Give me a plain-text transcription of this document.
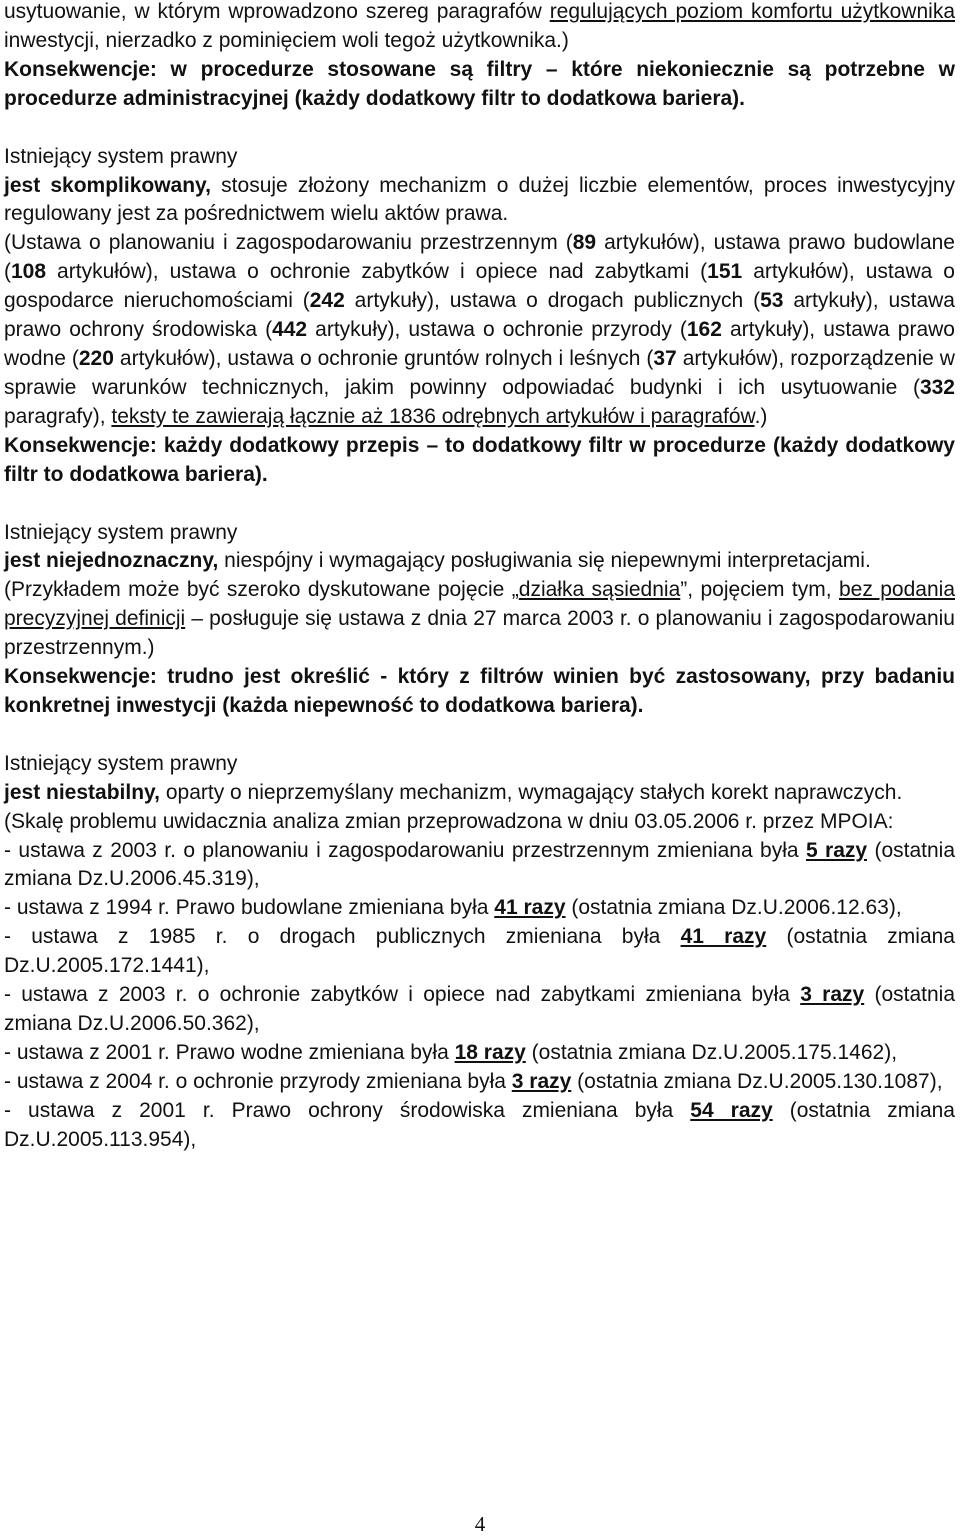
usytuowanie, w którym wprowadzono szereg paragrafów regulujących poziom komfortu użytkownika inwestycji, nierzadko z pominięciem woli tegoż użytkownika.)

Konsekwencje: w procedurze stosowane są filtry – które niekoniecznie są potrzebne w procedurze administracyjnej (każdy dodatkowy filtr to dodatkowa bariera).

Istniejący system prawny

jest skomplikowany, stosuje złożony mechanizm o dużej liczbie elementów, proces inwestycyjny regulowany jest za pośrednictwem wielu aktów prawa.

(Ustawa o planowaniu i zagospodarowaniu przestrzennym (89 artykułów), ustawa prawo budowlane (108 artykułów), ustawa o ochronie zabytków i opiece nad zabytkami (151 artykułów), ustawa o gospodarce nieruchomościami (242 artykuły), ustawa o drogach publicznych (53 artykuły), ustawa prawo ochrony środowiska (442 artykuły), ustawa o ochronie przyrody (162 artykuły), ustawa prawo wodne (220 artykułów), ustawa o ochronie gruntów rolnych i leśnych (37 artykułów), rozporządzenie w sprawie warunków technicznych, jakim powinny odpowiadać budynki i ich usytuowanie (332 paragrafy), teksty te zawierają łącznie aż 1836 odrębnych artykułów i paragrafów.)

Konsekwencje: każdy dodatkowy przepis – to dodatkowy filtr w procedurze (każdy dodatkowy filtr to dodatkowa bariera).

Istniejący system prawny

jest niejednoznaczny, niespójny i wymagający posługiwania się niepewnymi interpretacjami.

(Przykładem może być szeroko dyskutowane pojęcie „działka sąsiednia”, pojęciem tym, bez podania precyzyjnej definicji – posługuje się ustawa z dnia 27 marca 2003 r. o planowaniu i zagospodarowaniu przestrzennym.)

Konsekwencje: trudno jest określić - który z filtrów winien być zastosowany, przy badaniu konkretnej inwestycji (każda niepewność to dodatkowa bariera).

Istniejący system prawny

jest niestabilny, oparty o nieprzemyślany mechanizm, wymagający stałych korekt naprawczych.

(Skalę problemu uwidacznia analiza zmian przeprowadzona w dniu 03.05.2006 r. przez MPOIA:

- ustawa z 2003 r. o planowaniu i zagospodarowaniu przestrzennym zmieniana była 5 razy (ostatnia zmiana Dz.U.2006.45.319),

- ustawa z 1994 r. Prawo budowlane zmieniana była 41 razy (ostatnia zmiana Dz.U.2006.12.63),

- ustawa z 1985 r. o drogach publicznych zmieniana była 41 razy (ostatnia zmiana Dz.U.2005.172.1441),

- ustawa z 2003 r. o ochronie zabytków i opiece nad zabytkami zmieniana była 3 razy (ostatnia zmiana Dz.U.2006.50.362),

- ustawa z 2001 r. Prawo wodne zmieniana była 18 razy (ostatnia zmiana Dz.U.2005.175.1462),

- ustawa z 2004 r. o ochronie przyrody zmieniana była 3 razy (ostatnia zmiana Dz.U.2005.130.1087),

- ustawa z 2001 r. Prawo ochrony środowiska zmieniana była 54 razy (ostatnia zmiana Dz.U.2005.113.954),

4
